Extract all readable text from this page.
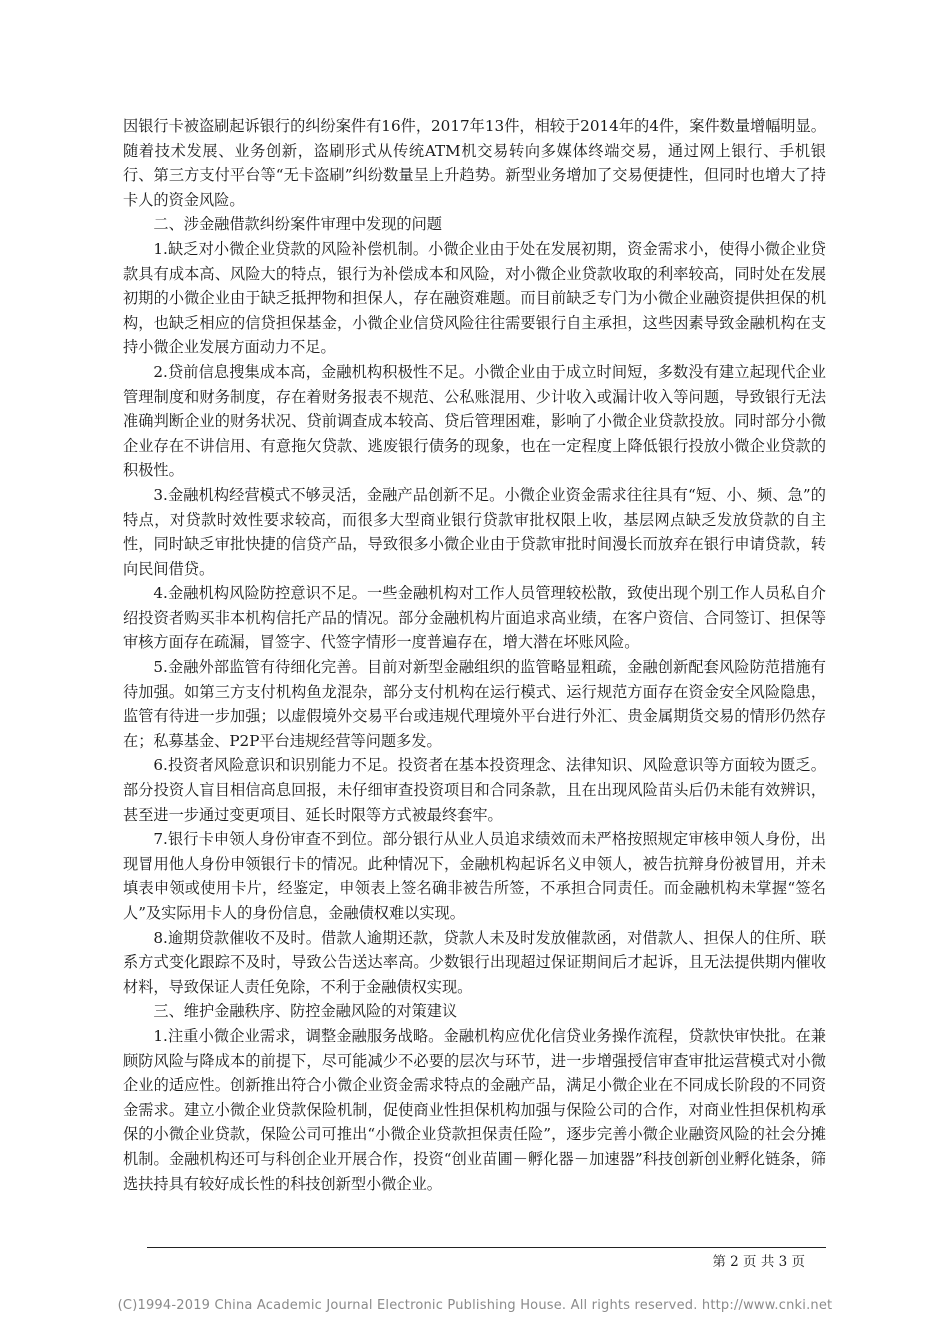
因银行卡被盗刷起诉银行的纠纷案件有16件，2017年13件，相较于2014年的4件，案件数量增幅明显。随着技术发展、业务创新，盗刷形式从传统ATM机交易转向多媒体终端交易，通过网上银行、手机银行、第三方支付平台等“无卡盗刷”纠纷数量呈上升趋势。新型业务增加了交易便捷性，但同时也增大了持卡人的资金风险。

二、涉金融借款纠纷案件审理中发现的问题

1.缺乏对小微企业贷款的风险补偿机制。小微企业由于处在发展初期，资金需求小，使得小微企业贷款具有成本高、风险大的特点，银行为补偿成本和风险，对小微企业贷款收取的利率较高，同时处在发展初期的小微企业由于缺乏抵押物和担保人，存在融资难题。而目前缺乏专门为小微企业融资提供担保的机构，也缺乏相应的信贷担保基金，小微企业信贷风险往往需要银行自主承担，这些因素导致金融机构在支持小微企业发展方面动力不足。

2.贷前信息搜集成本高，金融机构积极性不足。小微企业由于成立时间短，多数没有建立起现代企业管理制度和财务制度，存在着财务报表不规范、公私账混用、少计收入或漏计收入等问题，导致银行无法准确判断企业的财务状况、贷前调查成本较高、贷后管理困难，影响了小微企业贷款投放。同时部分小微企业存在不讲信用、有意拖欠贷款、逃废银行债务的现象，也在一定程度上降低银行投放小微企业贷款的积极性。

3.金融机构经营模式不够灵活，金融产品创新不足。小微企业资金需求往往具有“短、小、频、急”的特点，对贷款时效性要求较高，而很多大型商业银行贷款审批权限上收，基层网点缺乏发放贷款的自主性，同时缺乏审批快捷的信贷产品，导致很多小微企业由于贷款审批时间漫长而放弃在银行申请贷款，转向民间借贷。

4.金融机构风险防控意识不足。一些金融机构对工作人员管理较松散，致使出现个别工作人员私自介绍投资者购买非本机构信托产品的情况。部分金融机构片面追求高业绩，在客户资信、合同签订、担保等审核方面存在疏漏，冒签字、代签字情形一度普遍存在，增大潜在坏账风险。

5.金融外部监管有待细化完善。目前对新型金融组织的监管略显粗疏，金融创新配套风险防范措施有待加强。如第三方支付机构鱼龙混杂，部分支付机构在运行模式、运行规范方面存在资金安全风险隐患，监管有待进一步加强；以虚假境外交易平台或违规代理境外平台进行外汇、贵金属期货交易的情形仍然存在；私募基金、P2P平台违规经营等问题多发。

6.投资者风险意识和识别能力不足。投资者在基本投资理念、法律知识、风险意识等方面较为匮乏。部分投资人盲目相信高息回报，未仔细审查投资项目和合同条款，且在出现风险苗头后仍未能有效辨识，甚至进一步通过变更项目、延长时限等方式被最终套牢。

7.银行卡申领人身份审查不到位。部分银行从业人员追求绩效而未严格按照规定审核申领人身份，出现冒用他人身份申领银行卡的情况。此种情况下，金融机构起诉名义申领人，被告抗辩身份被冒用，并未填表申领或使用卡片，经鉴定，申领表上签名确非被告所签，不承担合同责任。而金融机构未掌握“签名人”及实际用卡人的身份信息，金融债权难以实现。

8.逾期贷款催收不及时。借款人逾期还款，贷款人未及时发放催款函，对借款人、担保人的住所、联系方式变化跟踪不及时，导致公告送达率高。少数银行出现超过保证期间后才起诉，且无法提供期内催收材料，导致保证人责任免除，不利于金融债权实现。

三、维护金融秩序、防控金融风险的对策建议

1.注重小微企业需求，调整金融服务战略。金融机构应优化信贷业务操作流程，贷款快审快批。在兼顾防风险与降成本的前提下，尽可能减少不必要的层次与环节，进一步增强授信审查审批运营模式对小微企业的适应性。创新推出符合小微企业资金需求特点的金融产品，满足小微企业在不同成长阶段的不同资金需求。建立小微企业贷款保险机制，促使商业性担保机构加强与保险公司的合作，对商业性担保机构承保的小微企业贷款，保险公司可推出“小微企业贷款担保责任险”，逐步完善小微企业融资风险的社会分摊机制。金融机构还可与科创企业开展合作，投资“创业苗圃－孵化器－加速器”科技创新创业孵化链条，筛选扶持具有较好成长性的科技创新型小微企业。

第 2 页 共 3 页
(C)1994-2019 China Academic Journal Electronic Publishing House. All rights reserved. http://www.cnki.net
